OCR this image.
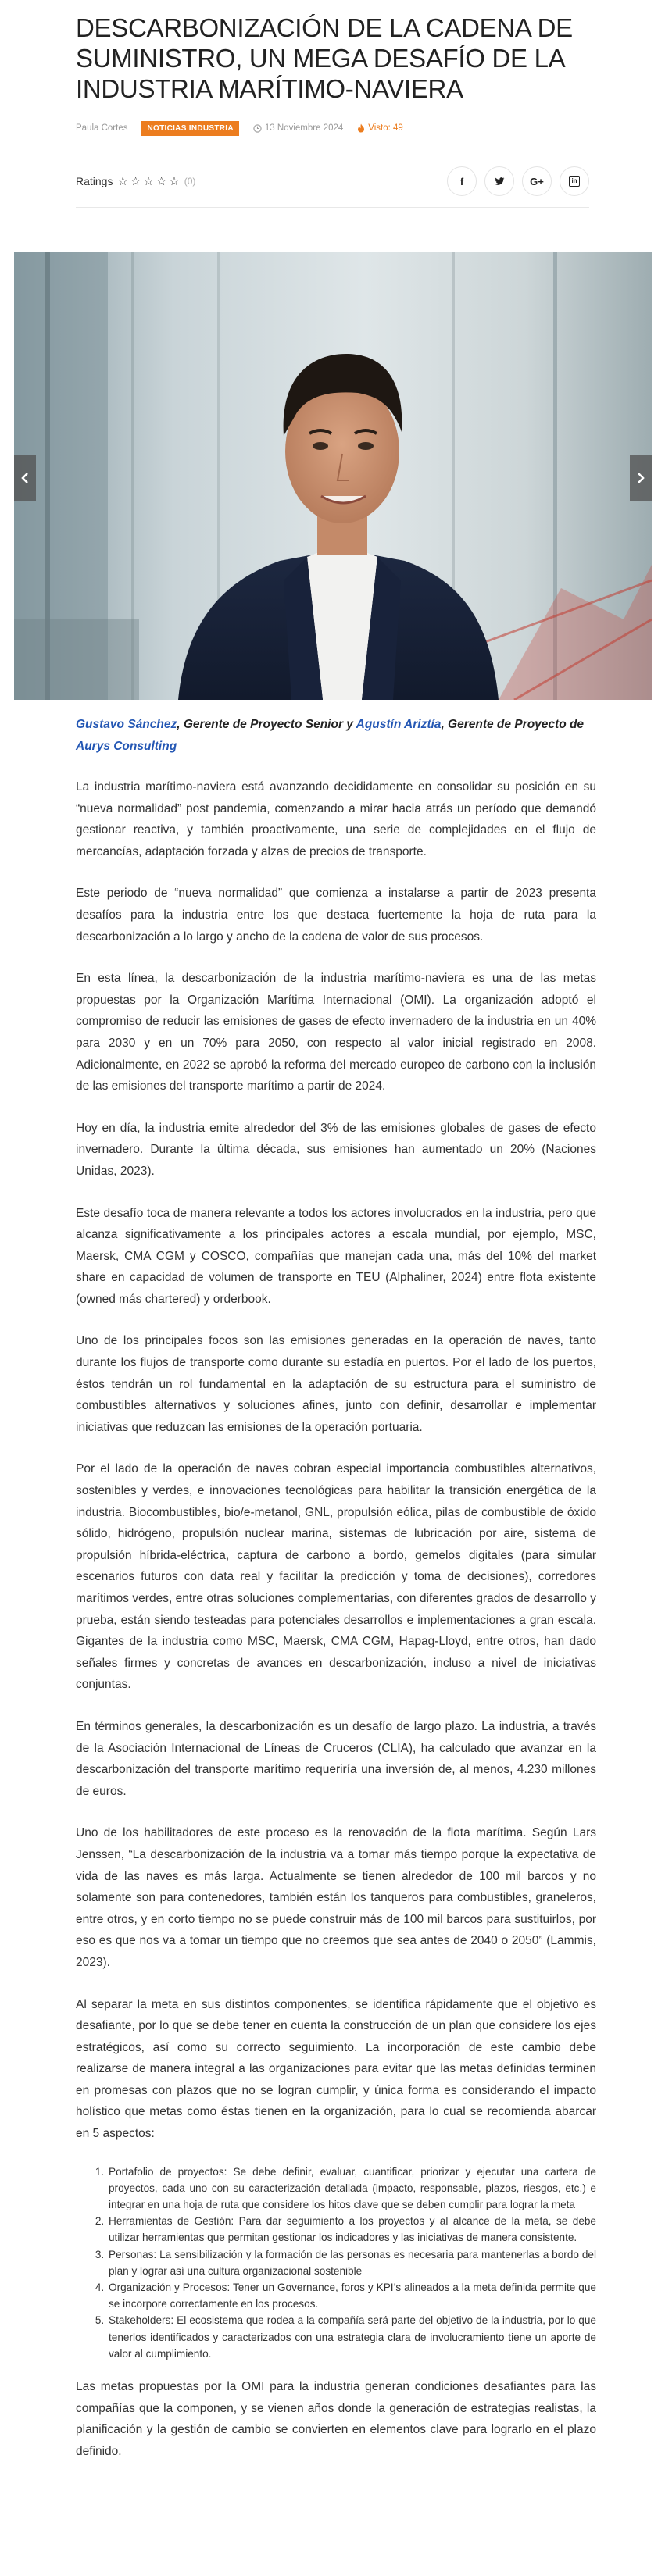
DESCARBONIZACIÓN DE LA CADENA DE SUMINISTRO, UN MEGA DESAFÍO DE LA INDUSTRIA MARÍTIMO-NAVIERA
Paula Cortes	NOTICIAS INDUSTRIA	13 Noviembre 2024	Visto: 49
Ratings ☆ ☆ ☆ ☆ ☆ (0)	f	G+	in

Gustavo Sánchez, Gerente de Proyecto Senior y Agustín Ariztía, Gerente de Proyecto de Aurys Consulting

La industria marítimo-naviera está avanzando decididamente en consolidar su posición en su “nueva normalidad” post pandemia, comenzando a mirar hacia atrás un período que demandó gestionar reactiva, y también proactivamente, una serie de complejidades en el flujo de mercancías, adaptación forzada y alzas de precios de transporte.

Este periodo de “nueva normalidad” que comienza a instalarse a partir de 2023 presenta desafíos para la industria entre los que destaca fuertemente la hoja de ruta para la descarbonización a lo largo y ancho de la cadena de valor de sus procesos.

En esta línea, la descarbonización de la industria marítimo-naviera es una de las metas propuestas por la Organización Marítima Internacional (OMI). La organización adoptó el compromiso de reducir las emisiones de gases de efecto invernadero de la industria en un 40% para 2030 y en un 70% para 2050, con respecto al valor inicial registrado en 2008. Adicionalmente, en 2022 se aprobó la reforma del mercado europeo de carbono con la inclusión de las emisiones del transporte marítimo a partir de 2024.

Hoy en día, la industria emite alrededor del 3% de las emisiones globales de gases de efecto invernadero. Durante la última década, sus emisiones han aumentado un 20% (Naciones Unidas, 2023).

Este desafío toca de manera relevante a todos los actores involucrados en la industria, pero que alcanza significativamente a los principales actores a escala mundial, por ejemplo, MSC, Maersk, CMA CGM y COSCO, compañías que manejan cada una, más del 10% del market share en capacidad de volumen de transporte en TEU (Alphaliner, 2024) entre flota existente (owned más chartered) y orderbook.

Uno de los principales focos son las emisiones generadas en la operación de naves, tanto durante los flujos de transporte como durante su estadía en puertos. Por el lado de los puertos, éstos tendrán un rol fundamental en la adaptación de su estructura para el suministro de combustibles alternativos y soluciones afines, junto con definir, desarrollar e implementar iniciativas que reduzcan las emisiones de la operación portuaria.

Por el lado de la operación de naves cobran especial importancia combustibles alternativos, sostenibles y verdes, e innovaciones tecnológicas para habilitar la transición energética de la industria. Biocombustibles, bio/e-metanol, GNL, propulsión eólica, pilas de combustible de óxido sólido, hidrógeno, propulsión nuclear marina, sistemas de lubricación por aire, sistema de propulsión híbrida-eléctrica, captura de carbono a bordo, gemelos digitales (para simular escenarios futuros con data real y facilitar la predicción y toma de decisiones), corredores marítimos verdes, entre otras soluciones complementarias, con diferentes grados de desarrollo y prueba, están siendo testeadas para potenciales desarrollos e implementaciones a gran escala. Gigantes de la industria como MSC, Maersk, CMA CGM, Hapag-Lloyd, entre otros, han dado señales firmes y concretas de avances en descarbonización, incluso a nivel de iniciativas conjuntas.

En términos generales, la descarbonización es un desafío de largo plazo. La industria, a través de la Asociación Internacional de Líneas de Cruceros (CLIA), ha calculado que avanzar en la descarbonización del transporte marítimo requeriría una inversión de, al menos, 4.230 millones de euros.

Uno de los habilitadores de este proceso es la renovación de la flota marítima. Según Lars Jenssen, “La descarbonización de la industria va a tomar más tiempo porque la expectativa de vida de las naves es más larga. Actualmente se tienen alrededor de 100 mil barcos y no solamente son para contenedores, también están los tanqueros para combustibles, graneleros, entre otros, y en corto tiempo no se puede construir más de 100 mil barcos para sustituirlos, por eso es que nos va a tomar un tiempo que no creemos que sea antes de 2040 o 2050” (Lammis, 2023).

Al separar la meta en sus distintos componentes, se identifica rápidamente que el objetivo es desafiante, por lo que se debe tener en cuenta la construcción de un plan que considere los ejes estratégicos, así como su correcto seguimiento. La incorporación de este cambio debe realizarse de manera integral a las organizaciones para evitar que las metas definidas terminen en promesas con plazos que no se logran cumplir, y única forma es considerando el impacto holístico que metas como éstas tienen en la organización, para lo cual se recomienda abarcar en 5 aspectos:

1. Portafolio de proyectos: Se debe definir, evaluar, cuantificar, priorizar y ejecutar una cartera de proyectos, cada uno con su caracterización detallada (impacto, responsable, plazos, riesgos, etc.) e integrar en una hoja de ruta que considere los hitos clave que se deben cumplir para lograr la meta
2. Herramientas de Gestión: Para dar seguimiento a los proyectos y al alcance de la meta, se debe utilizar herramientas que permitan gestionar los indicadores y las iniciativas de manera consistente.
3. Personas: La sensibilización y la formación de las personas es necesaria para mantenerlas a bordo del plan y lograr así una cultura organizacional sostenible
4. Organización y Procesos: Tener un Governance, foros y KPI’s alineados a la meta definida permite que se incorpore correctamente en los procesos.
5. Stakeholders: El ecosistema que rodea a la compañía será parte del objetivo de la industria, por lo que tenerlos identificados y caracterizados con una estrategia clara de involucramiento tiene un aporte de valor al cumplimiento.

Las metas propuestas por la OMI para la industria generan condiciones desafiantes para las compañías que la componen, y se vienen años donde la generación de estrategias realistas, la planificación y la gestión de cambio se convierten en elementos clave para lograrlo en el plazo definido.
